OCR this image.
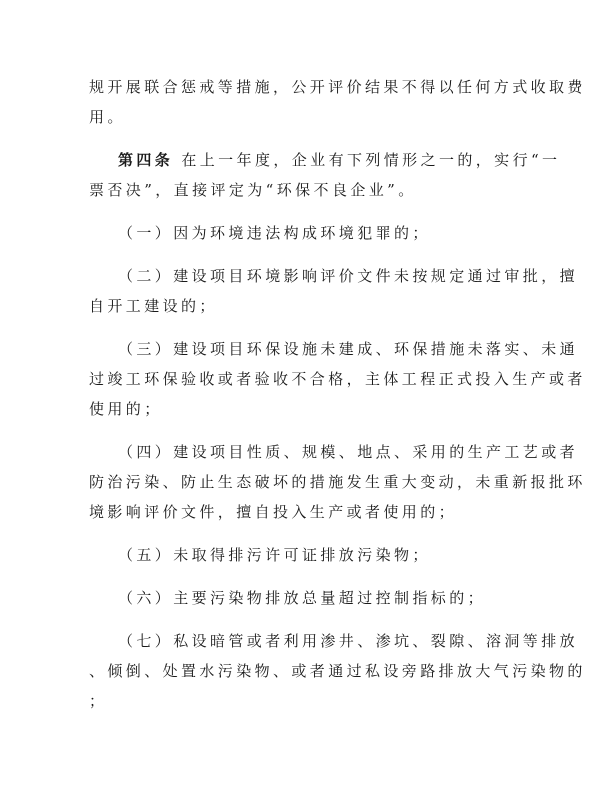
规开展联合惩戒等措施，公开评价结果不得以任何方式收取费
用。
第四条 在上一年度，企业有下列情形之一的，实行“一
票否决”，直接评定为“环保不良企业”。
（一）因为环境违法构成环境犯罪的；
（二）建设项目环境影响评价文件未按规定通过审批，擅
自开工建设的；
（三）建设项目环保设施未建成、环保措施未落实、未通
过竣工环保验收或者验收不合格，主体工程正式投入生产或者
使用的；
（四）建设项目性质、规模、地点、采用的生产工艺或者
防治污染、防止生态破坏的措施发生重大变动，未重新报批环
境影响评价文件，擅自投入生产或者使用的；
（五）未取得排污许可证排放污染物；
（六）主要污染物排放总量超过控制指标的；
（七）私设暗管或者利用渗井、渗坑、裂隙、溶洞等排放
、倾倒、处置水污染物、或者通过私设旁路排放大气污染物的
；
